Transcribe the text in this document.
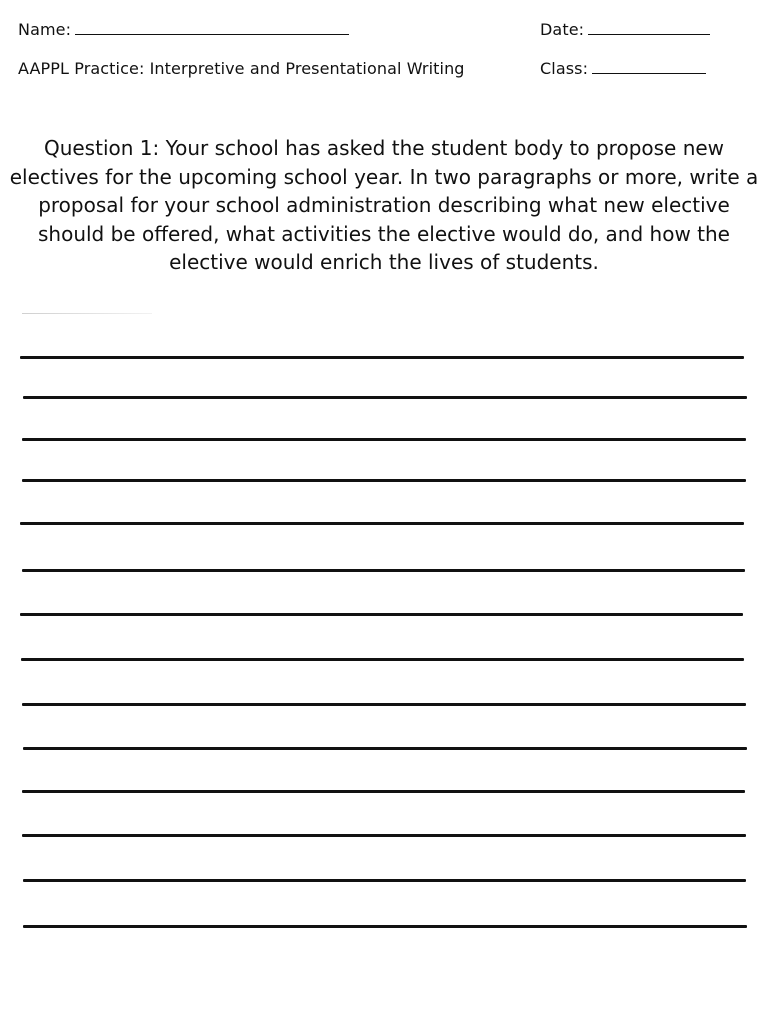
Name:	Date:
AAPPL Practice: Interpretive and Presentational Writing	Class:

Question 1: Your school has asked the student body to propose new electives for the upcoming school year. In two paragraphs or more, write a proposal for your school administration describing what new elective should be offered, what activities the elective would do, and how the elective would enrich the lives of students.
